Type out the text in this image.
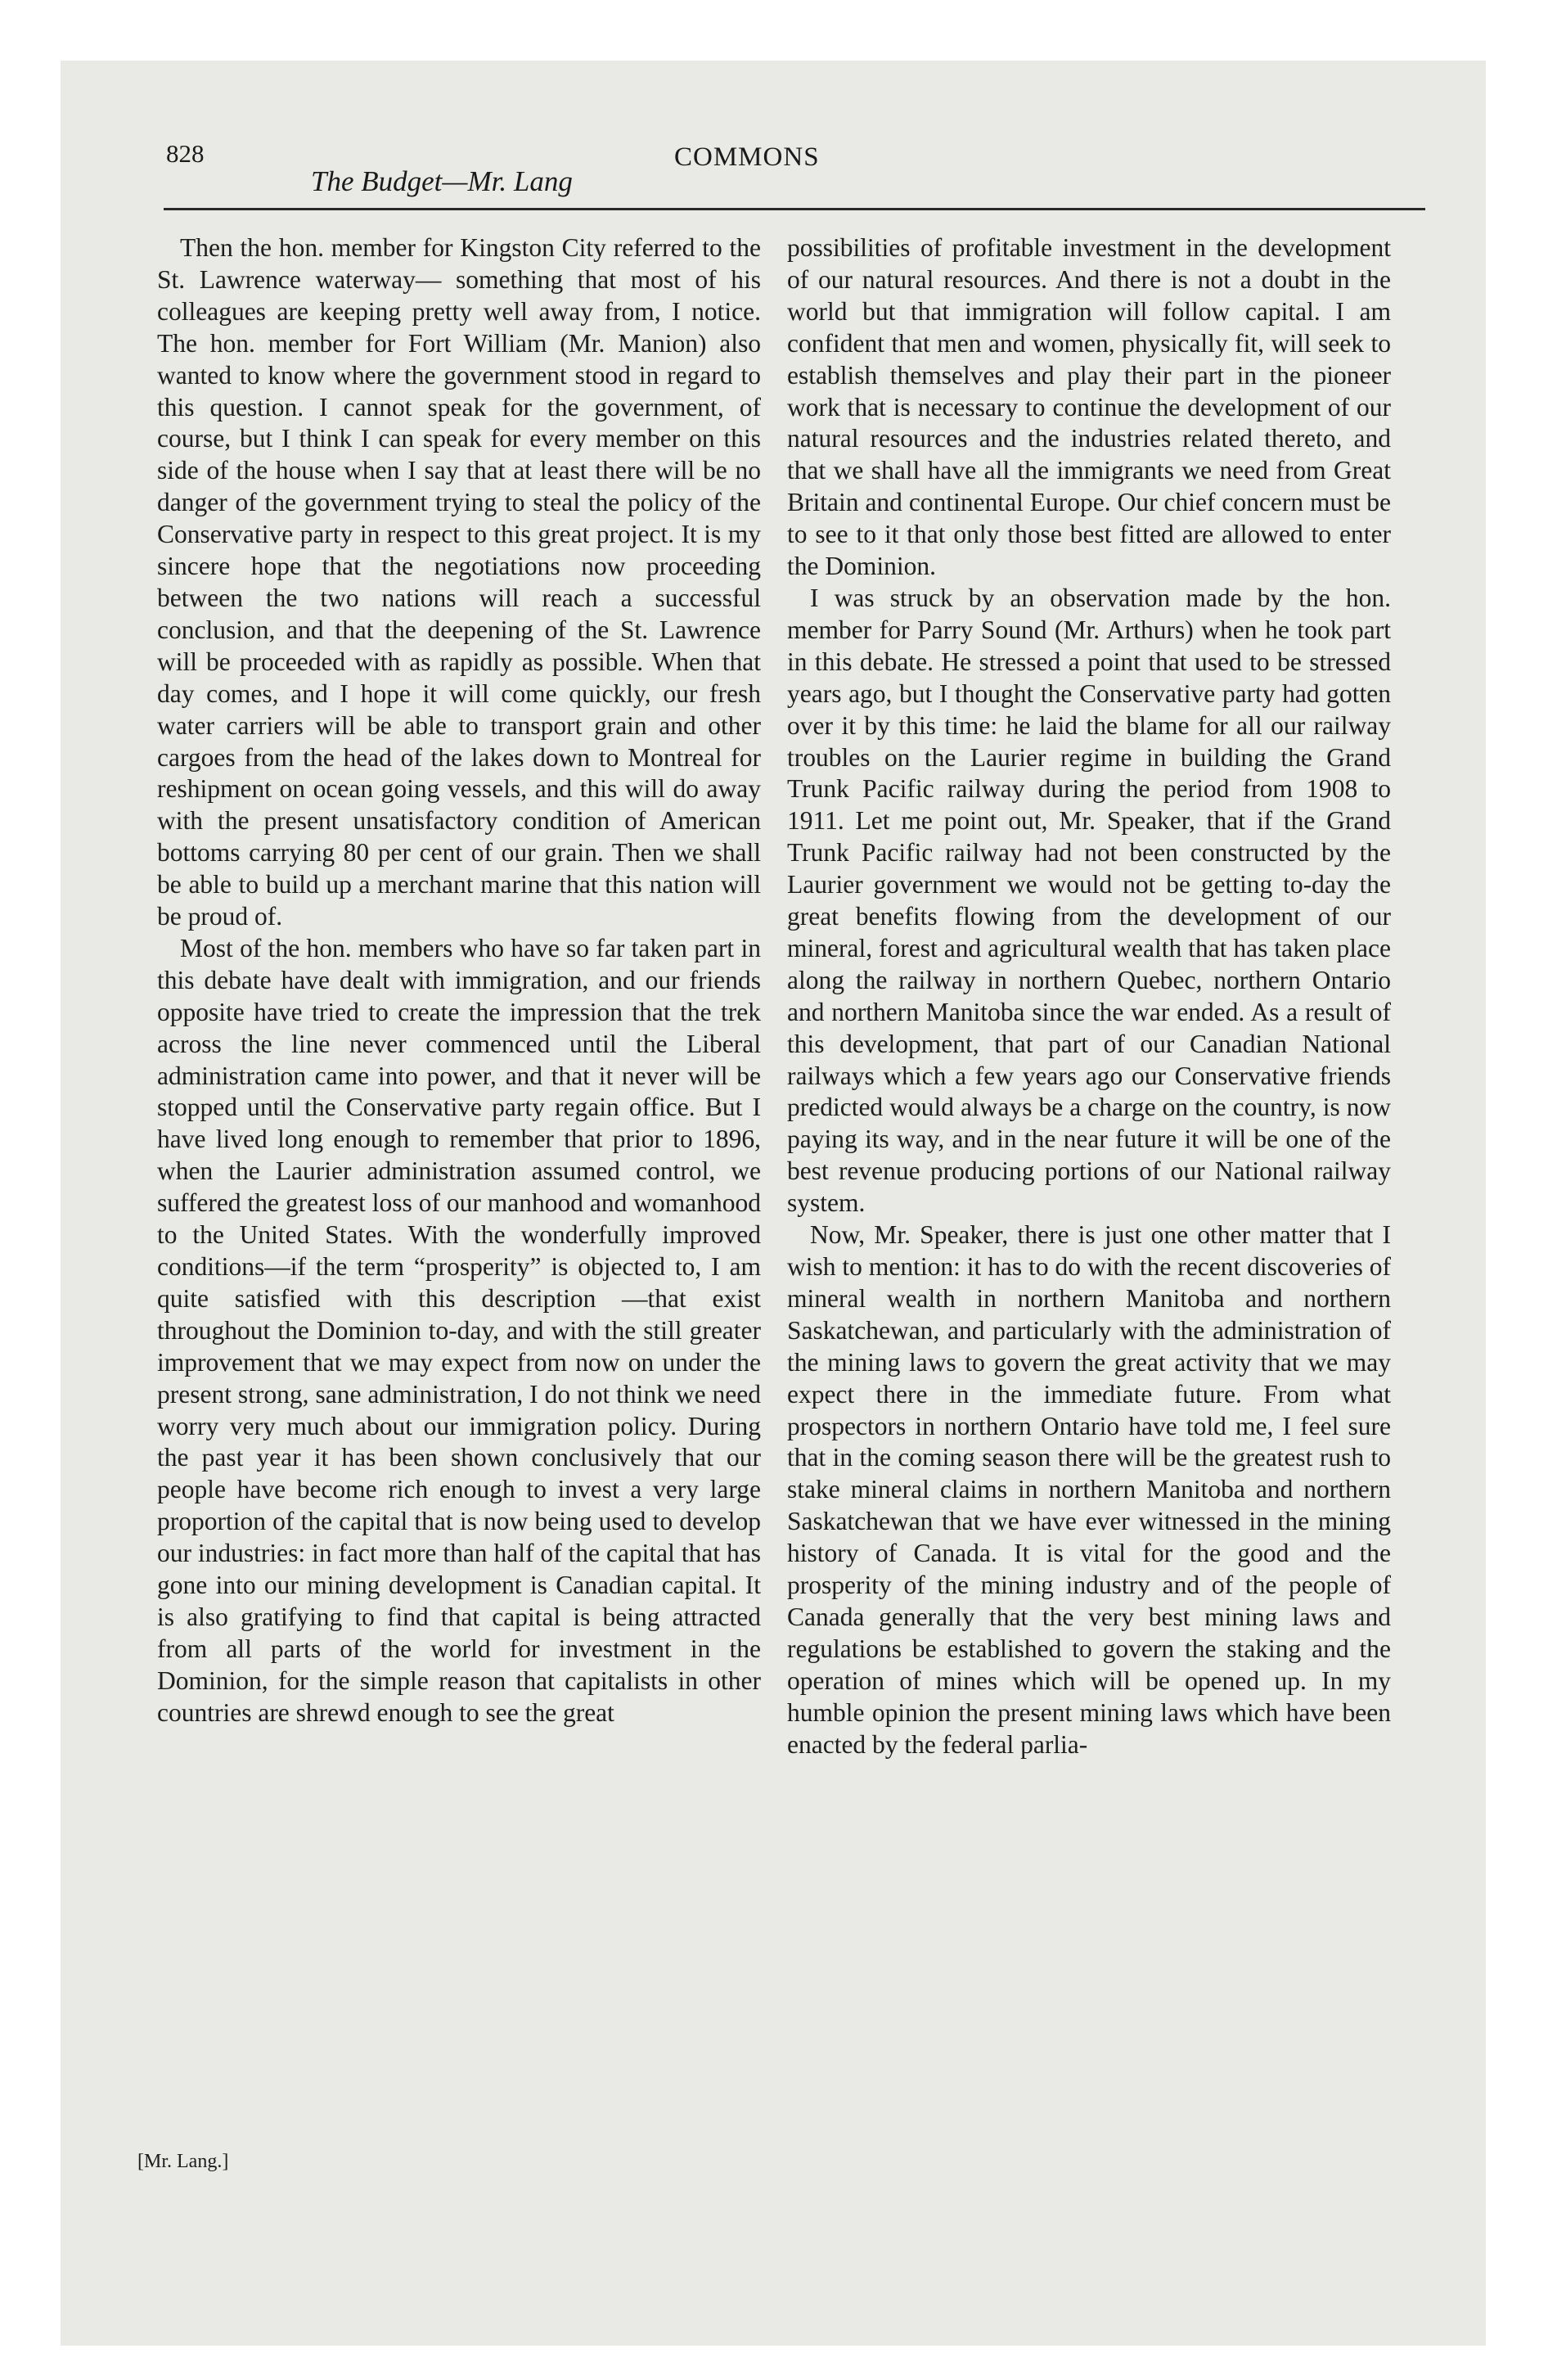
828
The Budget—Mr. Lang
COMMONS

Then the hon. member for Kingston City referred to the St. Lawrence waterway— something that most of his colleagues are keeping pretty well away from, I notice. The hon. member for Fort William (Mr. Manion) also wanted to know where the government stood in regard to this question. I cannot speak for the government, of course, but I think I can speak for every member on this side of the house when I say that at least there will be no danger of the government trying to steal the policy of the Conservative party in respect to this great project. It is my sincere hope that the negotiations now proceeding between the two nations will reach a successful conclusion, and that the deepening of the St. Lawrence will be proceeded with as rapidly as possible. When that day comes, and I hope it will come quickly, our fresh water carriers will be able to transport grain and other cargoes from the head of the lakes down to Montreal for reshipment on ocean going vessels, and this will do away with the present unsatisfactory condition of American bottoms carrying 80 per cent of our grain. Then we shall be able to build up a merchant marine that this nation will be proud of.

Most of the hon. members who have so far taken part in this debate have dealt with immigration, and our friends opposite have tried to create the impression that the trek across the line never commenced until the Liberal administration came into power, and that it never will be stopped until the Conservative party regain office. But I have lived long enough to remember that prior to 1896, when the Laurier administration assumed control, we suffered the greatest loss of our manhood and womanhood to the United States. With the wonderfully improved conditions—if the term “prosperity” is objected to, I am quite satisfied with this description —that exist throughout the Dominion to-day, and with the still greater improvement that we may expect from now on under the present strong, sane administration, I do not think we need worry very much about our immigration policy. During the past year it has been shown conclusively that our people have become rich enough to invest a very large proportion of the capital that is now being used to develop our industries: in fact more than half of the capital that has gone into our mining development is Canadian capital. It is also gratifying to find that capital is being attracted from all parts of the world for investment in the Dominion, for the simple reason that capitalists in other countries are shrewd enough to see the great

[Mr. Lang.]

possibilities of profitable investment in the development of our natural resources. And there is not a doubt in the world but that immigration will follow capital. I am confident that men and women, physically fit, will seek to establish themselves and play their part in the pioneer work that is necessary to continue the development of our natural resources and the industries related thereto, and that we shall have all the immigrants we need from Great Britain and continental Europe. Our chief concern must be to see to it that only those best fitted are allowed to enter the Dominion.

I was struck by an observation made by the hon. member for Parry Sound (Mr. Arthurs) when he took part in this debate. He stressed a point that used to be stressed years ago, but I thought the Conservative party had gotten over it by this time: he laid the blame for all our railway troubles on the Laurier regime in building the Grand Trunk Pacific railway during the period from 1908 to 1911. Let me point out, Mr. Speaker, that if the Grand Trunk Pacific railway had not been constructed by the Laurier government we would not be getting to-day the great benefits flowing from the development of our mineral, forest and agricultural wealth that has taken place along the railway in northern Quebec, northern Ontario and northern Manitoba since the war ended. As a result of this development, that part of our Canadian National railways which a few years ago our Conservative friends predicted would always be a charge on the country, is now paying its way, and in the near future it will be one of the best revenue producing portions of our National railway system.

Now, Mr. Speaker, there is just one other matter that I wish to mention: it has to do with the recent discoveries of mineral wealth in northern Manitoba and northern Saskatchewan, and particularly with the administration of the mining laws to govern the great activity that we may expect there in the immediate future. From what prospectors in northern Ontario have told me, I feel sure that in the coming season there will be the greatest rush to stake mineral claims in northern Manitoba and northern Saskatchewan that we have ever witnessed in the mining history of Canada. It is vital for the good and the prosperity of the mining industry and of the people of Canada generally that the very best mining laws and regulations be established to govern the staking and the operation of mines which will be opened up. In my humble opinion the present mining laws which have been enacted by the federal parlia-
